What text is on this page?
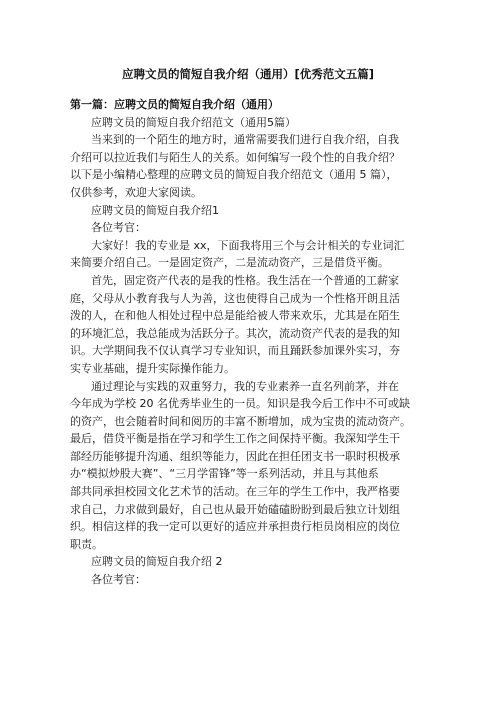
应聘文员的简短自我介绍（通用）[优秀范文五篇]
第一篇：应聘文员的简短自我介绍（通用）
应聘文员的简短自我介绍范文（通用5篇）
当来到的一个陌生的地方时，通常需要我们进行自我介绍，自我
介绍可以拉近我们与陌生人的关系。如何编写一段个性的自我介绍？
以下是小编精心整理的应聘文员的简短自我介绍范文（通用 5 篇），
仅供参考，欢迎大家阅读。
应聘文员的简短自我介绍1
各位考官：
大家好！我的专业是 xx，下面我将用三个与会计相关的专业词汇
来简要介绍自己。一是固定资产，二是流动资产，三是借贷平衡。
首先，固定资产代表的是我的性格。我生活在一个普通的工薪家
庭，父母从小教育我与人为善，这也使得自己成为一个性格开朗且活
泼的人，在和他人相处过程中总是能给被人带来欢乐，尤其是在陌生
的环境汇总，我总能成为活跃分子。其次，流动资产代表的是我的知
识。大学期间我不仅认真学习专业知识，而且踊跃参加课外实习，夯
实专业基础，提升实际操作能力。
通过理论与实践的双重努力，我的专业素养一直名列前茅，并在
今年成为学校 20 名优秀毕业生的一员。知识是我今后工作中不可或缺
的资产，也会随着时间和阅历的丰富不断增加，成为宝贵的流动资产。
最后，借贷平衡是指在学习和学生工作之间保持平衡。我深知学生干
部经历能够提升沟通、组织等能力，因此在担任团支书一职时积极承
办“模拟炒股大赛”、“三月学雷锋”等一系列活动，并且与其他系
部共同承担校园文化艺术节的活动。在三年的学生工作中，我严格要
求自己，力求做到最好，自己也从最开始磕磕盼盼到最后独立计划组
织。相信这样的我一定可以更好的适应并承担贵行柜员岗相应的岗位
职责。
应聘文员的简短自我介绍 2
各位考官：
